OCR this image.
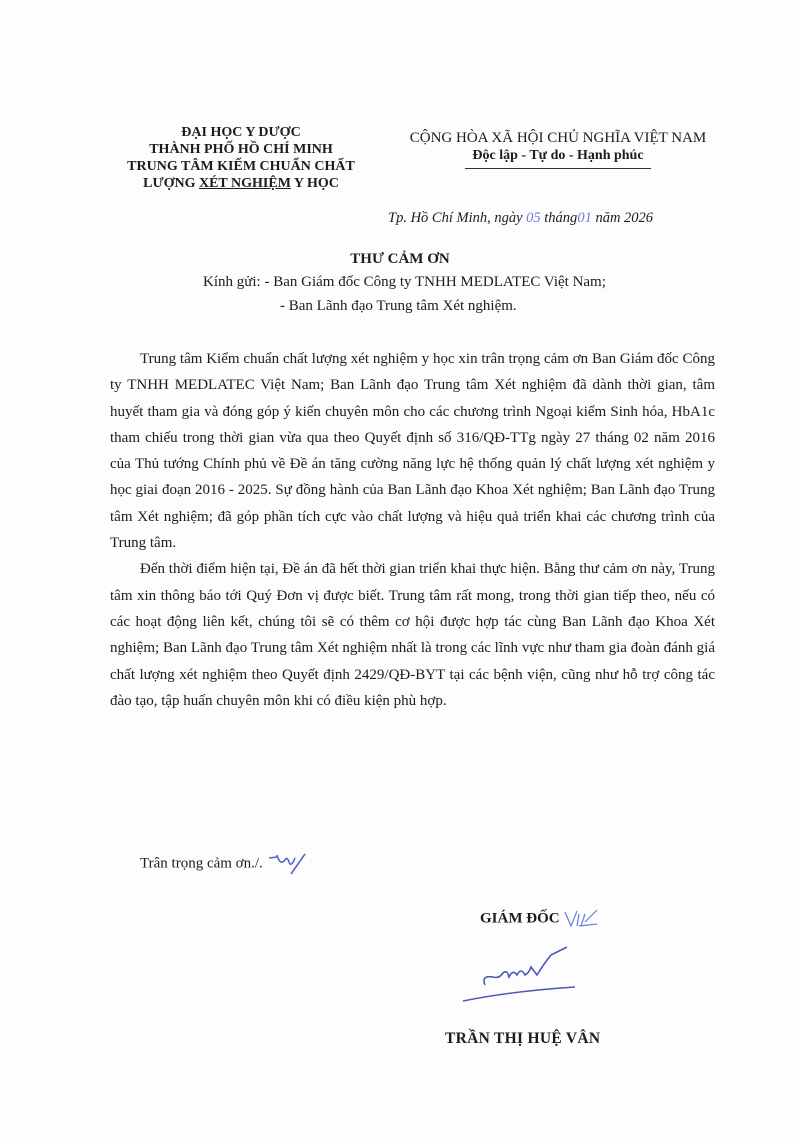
ĐẠI HỌC Y DƯỢC
THÀNH PHỐ HỒ CHÍ MINH
TRUNG TÂM KIỂM CHUẨN CHẤT
LƯỢNG XÉT NGHIỆM Y HỌC
CỘNG HÒA XÃ HỘI CHỦ NGHĨA VIỆT NAM
Độc lập - Tự do - Hạnh phúc
Tp. Hồ Chí Minh, ngày 05 tháng01 năm 2026
THƯ CẢM ƠN
Kính gửi: - Ban Giám đốc Công ty TNHH MEDLATEC Việt Nam;
- Ban Lãnh đạo Trung tâm Xét nghiệm.

Trung tâm Kiểm chuẩn chất lượng xét nghiệm y học xin trân trọng cảm ơn Ban Giám đốc Công ty TNHH MEDLATEC Việt Nam; Ban Lãnh đạo Trung tâm Xét nghiệm đã dành thời gian, tâm huyết tham gia và đóng góp ý kiến chuyên môn cho các chương trình Ngoại kiểm Sinh hóa, HbA1c tham chiếu trong thời gian vừa qua theo Quyết định số 316/QĐ-TTg ngày 27 tháng 02 năm 2016 của Thủ tướng Chính phủ về Đề án tăng cường năng lực hệ thống quản lý chất lượng xét nghiệm y học giai đoạn 2016 - 2025. Sự đồng hành của Ban Lãnh đạo Khoa Xét nghiệm; Ban Lãnh đạo Trung tâm Xét nghiệm; đã góp phần tích cực vào chất lượng và hiệu quả triển khai các chương trình của Trung tâm.

Đến thời điểm hiện tại, Đề án đã hết thời gian triển khai thực hiện. Bằng thư cảm ơn này, Trung tâm xin thông báo tới Quý Đơn vị được biết. Trung tâm rất mong, trong thời gian tiếp theo, nếu có các hoạt động liên kết, chúng tôi sẽ có thêm cơ hội được hợp tác cùng Ban Lãnh đạo Khoa Xét nghiệm; Ban Lãnh đạo Trung tâm Xét nghiệm nhất là trong các lĩnh vực như tham gia đoàn đánh giá chất lượng xét nghiệm theo Quyết định 2429/QĐ-BYT tại các bệnh viện, cũng như hỗ trợ công tác đào tạo, tập huấn chuyên môn khi có điều kiện phù hợp.

Trân trọng cảm ơn./.
GIÁM ĐỐC
TRẦN THỊ HUỆ VÂN
